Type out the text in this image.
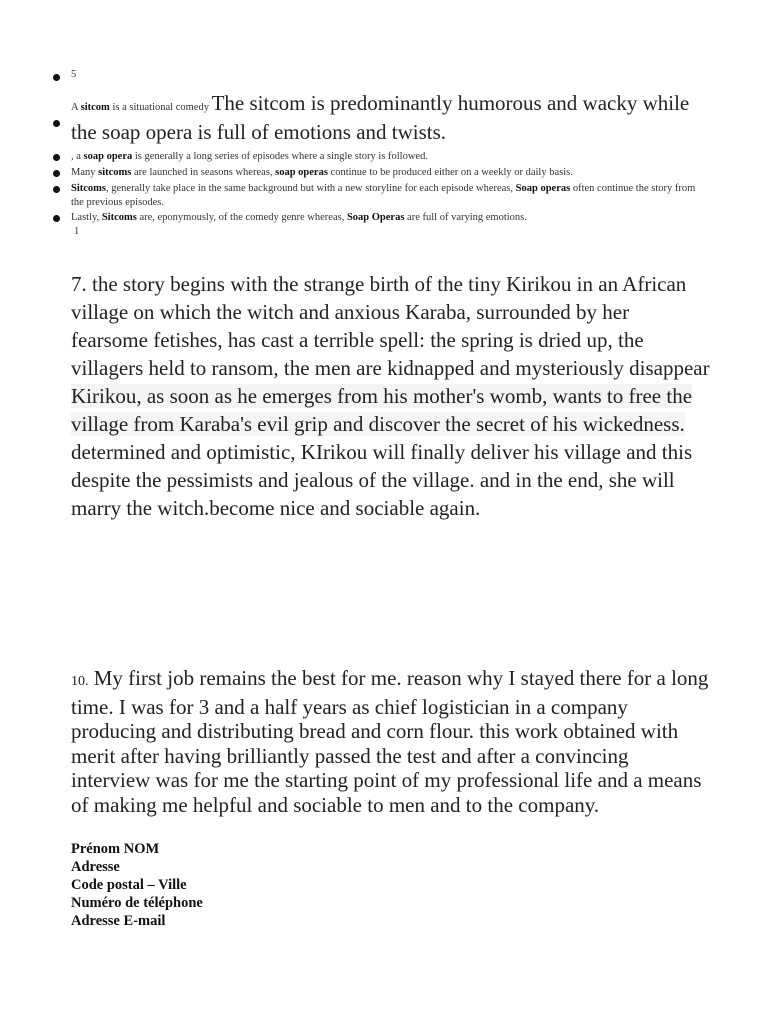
5
A sitcom is a situational comedy The sitcom is predominantly humorous and wacky while the soap opera is full of emotions and twists.
, a soap opera is generally a long series of episodes where a single story is followed.
Many sitcoms are launched in seasons whereas, soap operas continue to be produced either on a weekly or daily basis.
Sitcoms, generally take place in the same background but with a new storyline for each episode whereas, Soap operas often continue the story from the previous episodes.
Lastly, Sitcoms are, eponymously, of the comedy genre whereas, Soap Operas are full of varying emotions.
1
7. the story begins with the strange birth of the tiny Kirikou in an African village on which the witch and anxious Karaba, surrounded by her fearsome fetishes, has cast a terrible spell: the spring is dried up, the villagers held to ransom, the men are kidnapped and mysteriously disappear
Kirikou, as soon as he emerges from his mother's womb, wants to free the village from Karaba's evil grip and discover the secret of his wickedness.
determined and optimistic, KIrikou will finally deliver his village and this despite the pessimists and jealous of the village. and in the end, she will marry the witch.become nice and sociable again.
10. My first job remains the best for me. reason why I stayed there for a long time. I was for 3 and a half years as chief logistician in a company producing and distributing bread and corn flour. this work obtained with merit after having brilliantly passed the test and after a convincing interview was for me the starting point of my professional life and a means of making me helpful and sociable to men and to the company.
Prénom NOM
Adresse
Code postal – Ville
Numéro de téléphone
Adresse E-mail
